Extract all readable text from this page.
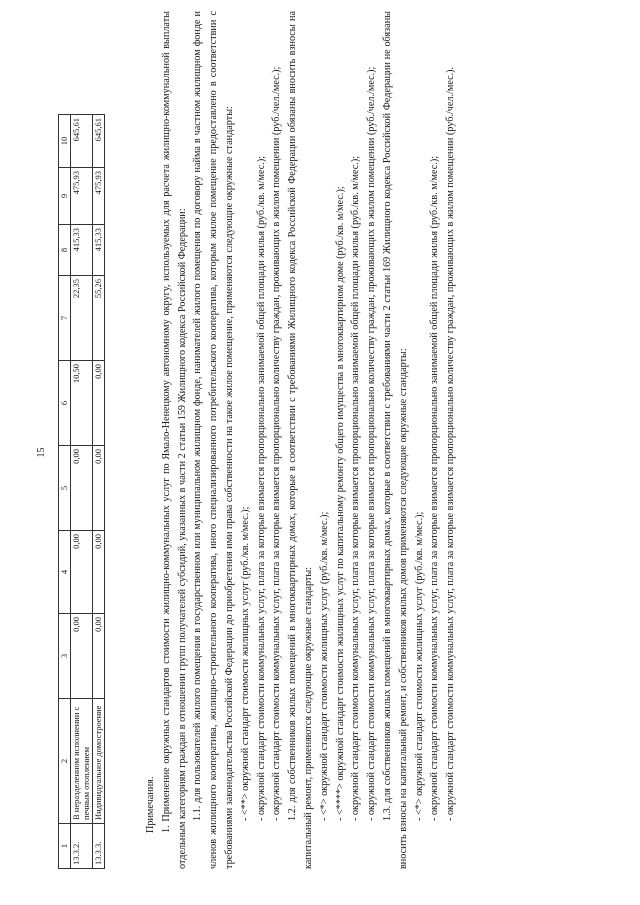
15
1	2	3	4	5	6	7	8	9	10
13.3.2.	В неразделенном исполнении с печным отоплением	0,00	0,00	0,00	10,50	22,35	415,33	475,93	645,61
13.3.3.	Индивидуальное домостроение	0,00	0,00	0,00	0,00	55,26	415,33	475,93	645,61

Примечания. 1. Применение окружных стандартов стоимости жилищно-коммунальных услуг по Ямало-Ненецкому автономному округу, используемых для расчета жилищно-коммунальной выплаты отдельным категориям граждан в отношении групп получателей субсидий, указанных в части 2 статьи 159 Жилищного кодекса Российской Федерации: 1.1. для пользователей жилого помещения в государственном или муниципальном жилищном фонде, нанимателей жилого помещения по договору найма в частном жилищном фонде и членов жилищного кооператива, жилищно-строительного кооператива, иного специализированного потребительского кооператива, которым жилое помещение предоставлено в соответствии с требованиями законодательства Российской Федерации до приобретения ими права собственности на такое жилое помещение, применяются следующие окружные стандарты: - <**> окружной стандарт стоимости жилищных услуг (руб./кв. м/мес.); - окружной стандарт стоимости коммунальных услуг, плата за которые взимается пропорционально занимаемой общей площади жилья (руб./кв. м/мес.); - окружной стандарт стоимости коммунальных услуг, плата за которые взимается пропорционально количеству граждан, проживающих в жилом помещении (руб./чел./мес.); 1.2. для собственников жилых помещений в многоквартирных домах, которые в соответствии с требованиями Жилищного кодекса Российской Федерации обязаны вносить взносы на капитальный ремонт, применяются следующие окружные стандарты: - <*> окружной стандарт стоимости жилищных услуг (руб./кв. м/мес.); - <****> окружной стандарт стоимости жилищных услуг по капитальному ремонту общего имущества в многоквартирном доме (руб./кв. м/мес.); - окружной стандарт стоимости коммунальных услуг, плата за которые взимается пропорционально занимаемой общей площади жилья (руб./кв. м/мес.); - окружной стандарт стоимости коммунальных услуг, плата за которые взимается пропорционально количеству граждан, проживающих в жилом помещении (руб./чел./мес.); 1.3. для собственников жилых помещений в многоквартирных домах, которые в соответствии с требованиями части 2 статьи 169 Жилищного кодекса Российской Федерации не обязаны вносить взносы на капитальный ремонт, и собственников жилых домов применяются следующие окружные стандарты: - <*> окружной стандарт стоимости жилищных услуг (руб./кв. м/мес.); - окружной стандарт стоимости коммунальных услуг, плата за которые взимается пропорционально занимаемой общей площади жилья (руб./кв. м/мес.); - окружной стандарт стоимости коммунальных услуг, плата за которые взимается пропорционально количеству граждан, проживающих в жилом помещении (руб./чел./мес.).
